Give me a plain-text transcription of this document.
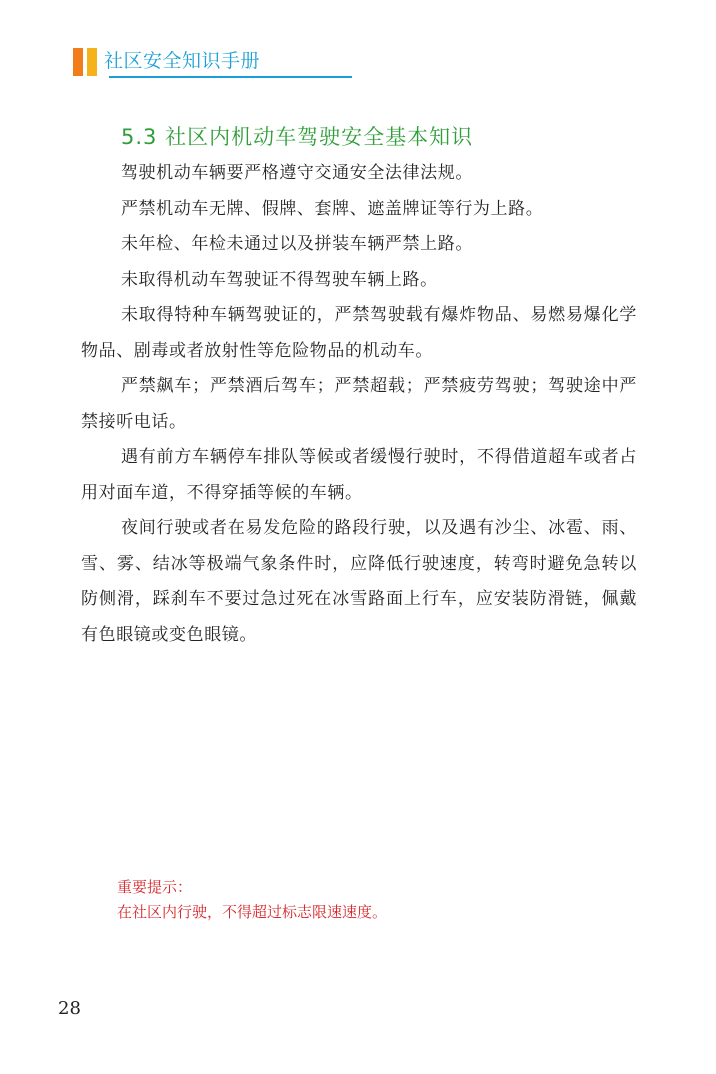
社区安全知识手册
5.3 社区内机动车驾驶安全基本知识

驾驶机动车辆要严格遵守交通安全法律法规。

严禁机动车无牌、假牌、套牌、遮盖牌证等行为上路。

未年检、年检未通过以及拼装车辆严禁上路。

未取得机动车驾驶证不得驾驶车辆上路。

未取得特种车辆驾驶证的，严禁驾驶载有爆炸物品、易燃易爆化学物品、剧毒或者放射性等危险物品的机动车。

严禁飙车；严禁酒后驾车；严禁超载；严禁疲劳驾驶；驾驶途中严禁接听电话。

遇有前方车辆停车排队等候或者缓慢行驶时，不得借道超车或者占用对面车道，不得穿插等候的车辆。

夜间行驶或者在易发危险的路段行驶，以及遇有沙尘、冰雹、雨、雪、雾、结冰等极端气象条件时，应降低行驶速度，转弯时避免急转以防侧滑，踩刹车不要过急过死在冰雪路面上行车，应安装防滑链，佩戴有色眼镜或变色眼镜。

重要提示：
在社区内行驶，不得超过标志限速速度。
28
